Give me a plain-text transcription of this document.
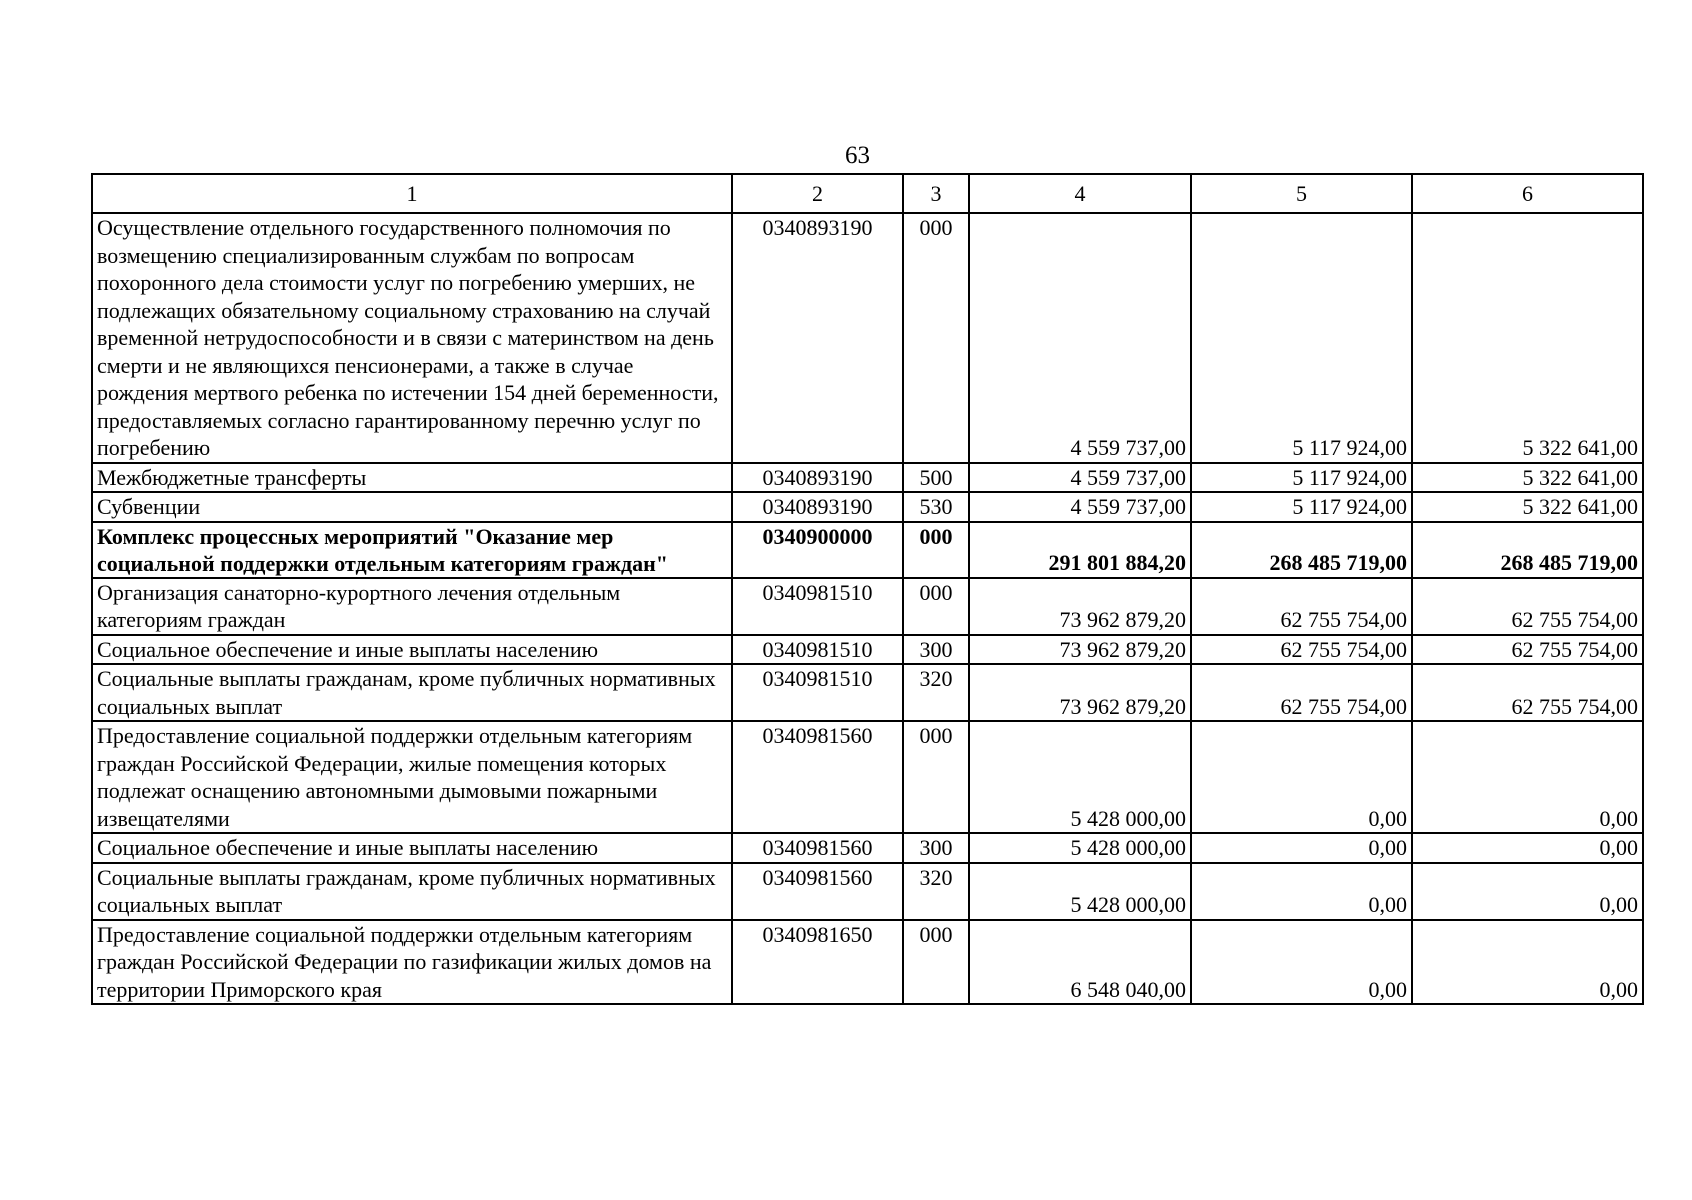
63
1	2	3	4	5	6
Осуществление отдельного государственного полномочия по возмещению специализированным службам по вопросам похоронного дела стоимости услуг по погребению умерших, не подлежащих обязательному социальному страхованию на случай временной нетрудоспособности и в связи с материнством на день смерти и не являющихся пенсионерами, а также в случае рождения мертвого ребенка по истечении 154 дней беременности, предоставляемых согласно гарантированному перечню услуг по погребению	0340893190	000	4 559 737,00	5 117 924,00	5 322 641,00
Межбюджетные трансферты	0340893190	500	4 559 737,00	5 117 924,00	5 322 641,00
Субвенции	0340893190	530	4 559 737,00	5 117 924,00	5 322 641,00
Комплекс процессных мероприятий "Оказание мер социальной поддержки отдельным категориям граждан"	0340900000	000	291 801 884,20	268 485 719,00	268 485 719,00
Организация санаторно-курортного лечения отдельным категориям граждан	0340981510	000	73 962 879,20	62 755 754,00	62 755 754,00
Социальное обеспечение и иные выплаты населению	0340981510	300	73 962 879,20	62 755 754,00	62 755 754,00
Социальные выплаты гражданам, кроме публичных нормативных социальных выплат	0340981510	320	73 962 879,20	62 755 754,00	62 755 754,00
Предоставление социальной поддержки отдельным категориям граждан Российской Федерации, жилые помещения которых подлежат оснащению автономными дымовыми пожарными извещателями	0340981560	000	5 428 000,00	0,00	0,00
Социальное обеспечение и иные выплаты населению	0340981560	300	5 428 000,00	0,00	0,00
Социальные выплаты гражданам, кроме публичных нормативных социальных выплат	0340981560	320	5 428 000,00	0,00	0,00
Предоставление социальной поддержки отдельным категориям граждан Российской Федерации по газификации жилых домов на территории Приморского края	0340981650	000	6 548 040,00	0,00	0,00
